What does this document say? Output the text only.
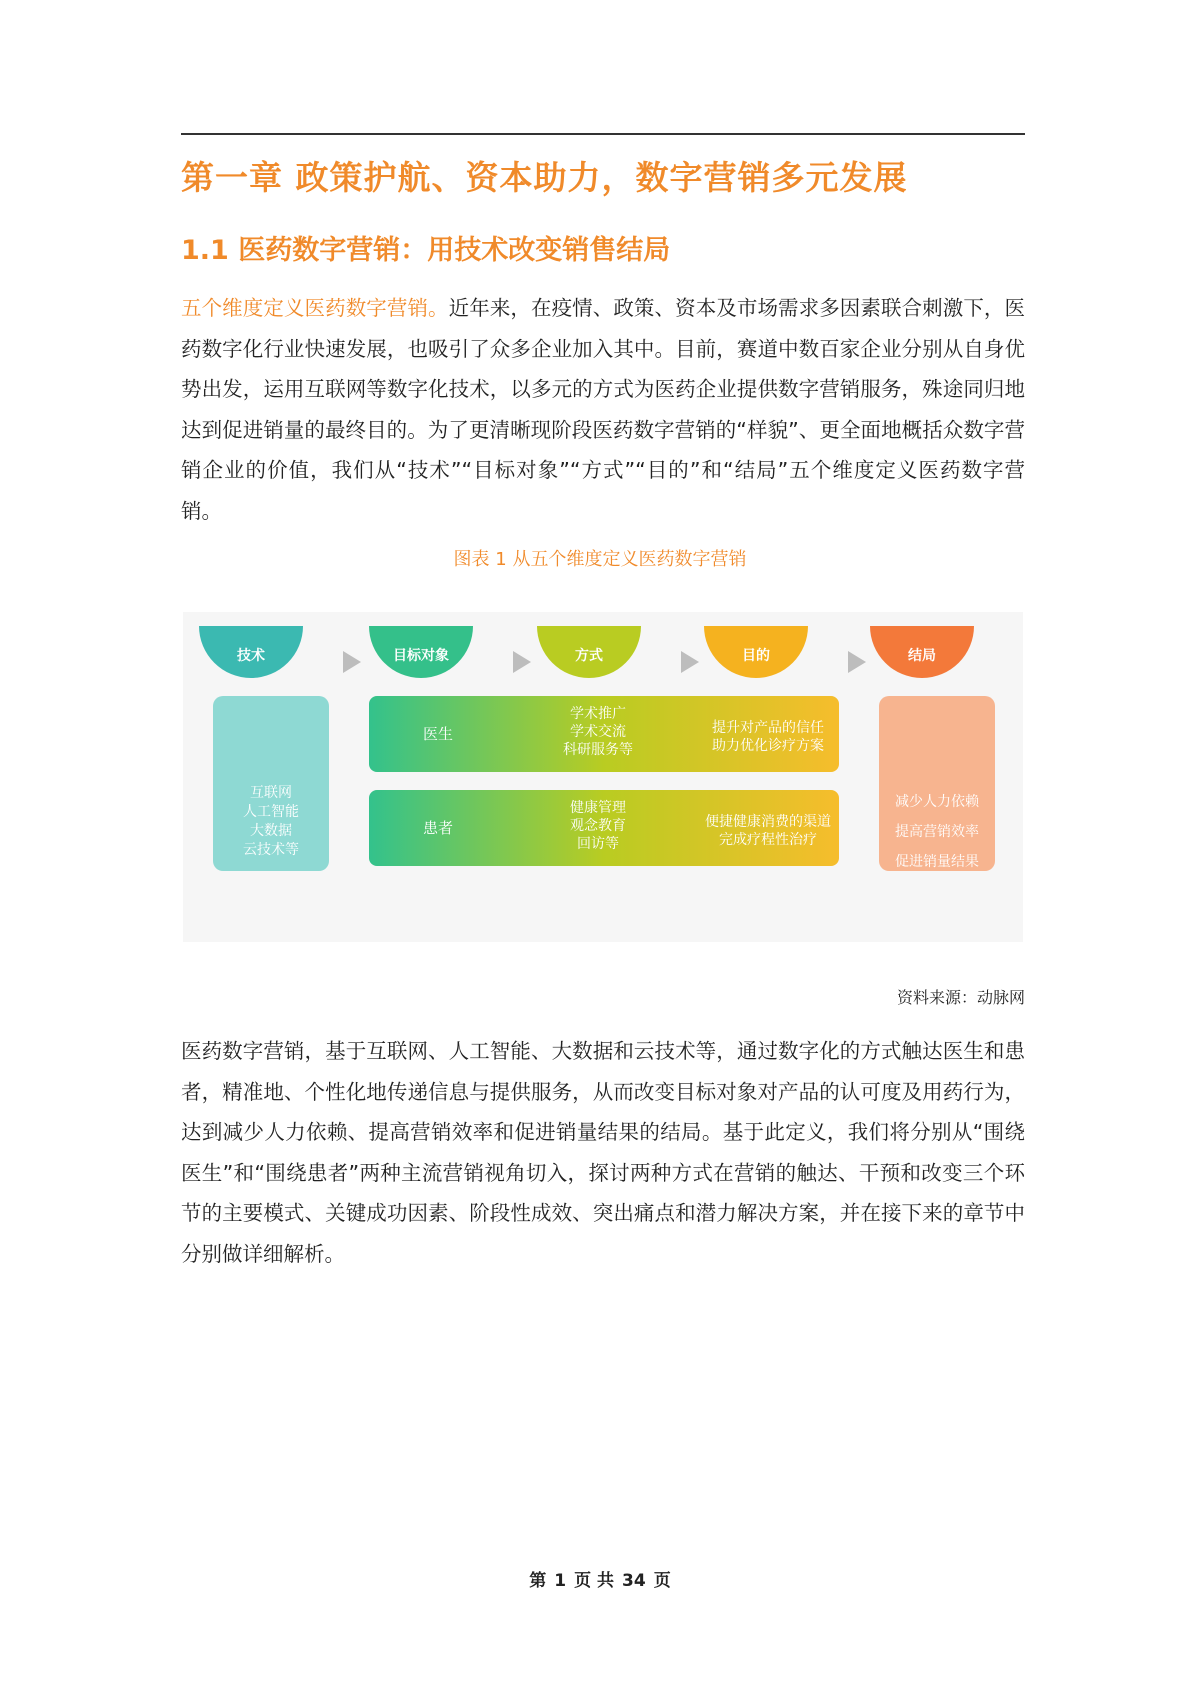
第一章 政策护航、资本助力，数字营销多元发展
1.1 医药数字营销：用技术改变销售结局

五个维度定义医药数字营销。近年来，在疫情、政策、资本及市场需求多因素联合刺激下，医药数字化行业快速发展，也吸引了众多企业加入其中。目前，赛道中数百家企业分别从自身优势出发，运用互联网等数字化技术，以多元的方式为医药企业提供数字营销服务，殊途同归地达到促进销量的最终目的。为了更清晰现阶段医药数字营销的“样貌”、更全面地概括众数字营销企业的价值，我们从“技术”“目标对象”“方式”“目的”和“结局”五个维度定义医药数字营销。

图表 1 从五个维度定义医药数字营销
技术	目标对象	方式	目的	结局
互联网
人工智能
大数据
云技术等
医生
学术推广
学术交流
科研服务等
提升对产品的信任
助力优化诊疗方案
患者
健康管理
观念教育
回访等
便捷健康消费的渠道
完成疗程性治疗
减少人力依赖
提高营销效率
促进销量结果
资料来源：动脉网

医药数字营销，基于互联网、人工智能、大数据和云技术等，通过数字化的方式触达医生和患者，精准地、个性化地传递信息与提供服务，从而改变目标对象对产品的认可度及用药行为，达到减少人力依赖、提高营销效率和促进销量结果的结局。基于此定义，我们将分别从“围绕医生”和“围绕患者”两种主流营销视角切入，探讨两种方式在营销的触达、干预和改变三个环节的主要模式、关键成功因素、阶段性成效、突出痛点和潜力解决方案，并在接下来的章节中分别做详细解析。

第 1 页 共 34 页
